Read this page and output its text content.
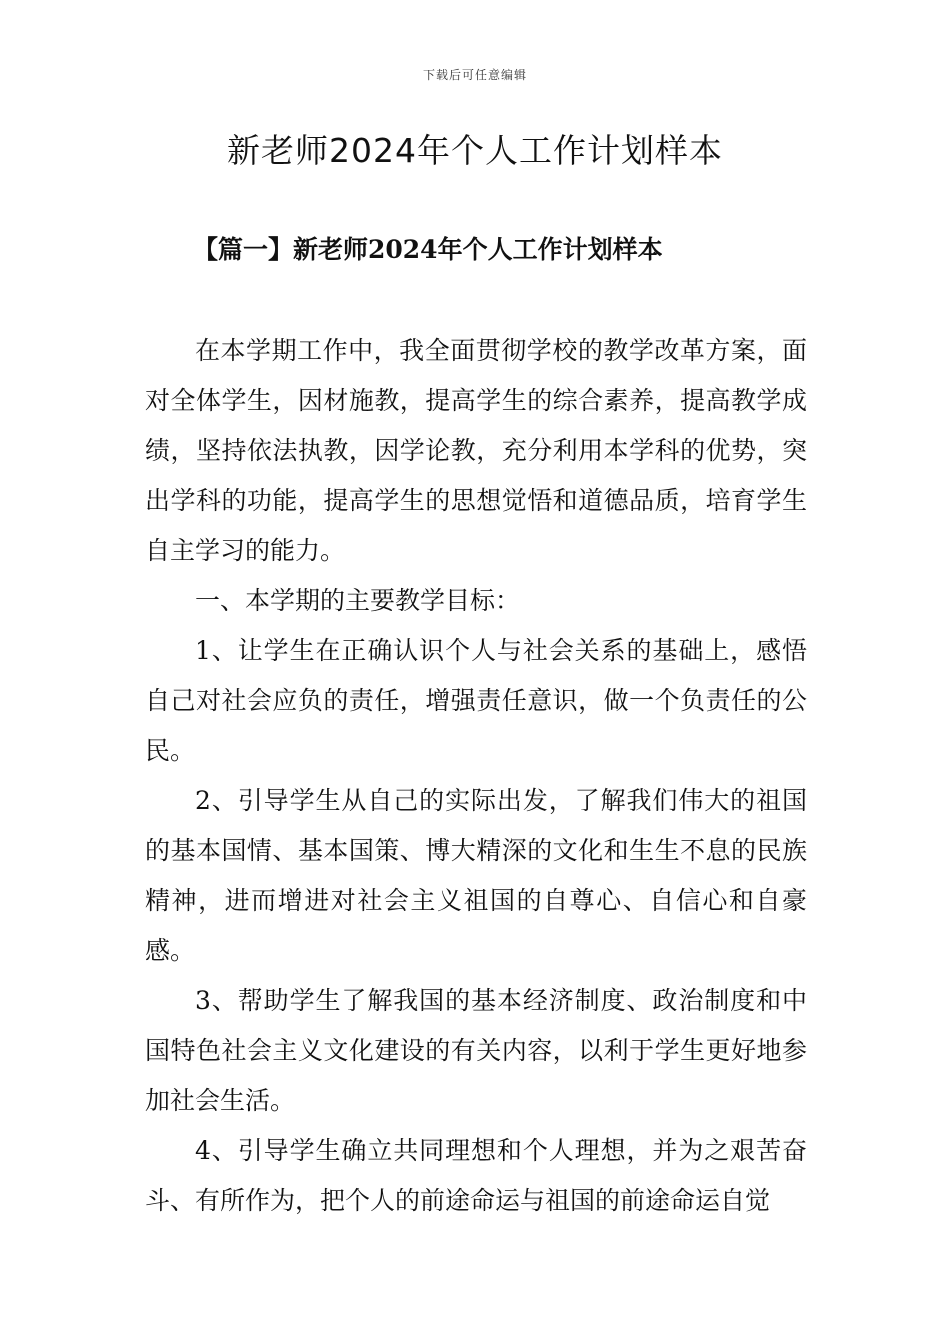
下载后可任意编辑
新老师2024年个人工作计划样本
【篇一】新老师2024年个人工作计划样本

在本学期工作中，我全面贯彻学校的教学改革方案，面对全体学生，因材施教，提高学生的综合素养，提高教学成绩，坚持依法执教，因学论教，充分利用本学科的优势，突出学科的功能，提高学生的思想觉悟和道德品质，培育学生自主学习的能力。

一、本学期的主要教学目标：

1、让学生在正确认识个人与社会关系的基础上，感悟自己对社会应负的责任，增强责任意识，做一个负责任的公民。

2、引导学生从自己的实际出发，了解我们伟大的祖国的基本国情、基本国策、博大精深的文化和生生不息的民族精神，进而增进对社会主义祖国的自尊心、自信心和自豪感。

3、帮助学生了解我国的基本经济制度、政治制度和中国特色社会主义文化建设的有关内容，以利于学生更好地参加社会生活。

4、引导学生确立共同理想和个人理想，并为之艰苦奋斗、有所作为，把个人的前途命运与祖国的前途命运自觉
